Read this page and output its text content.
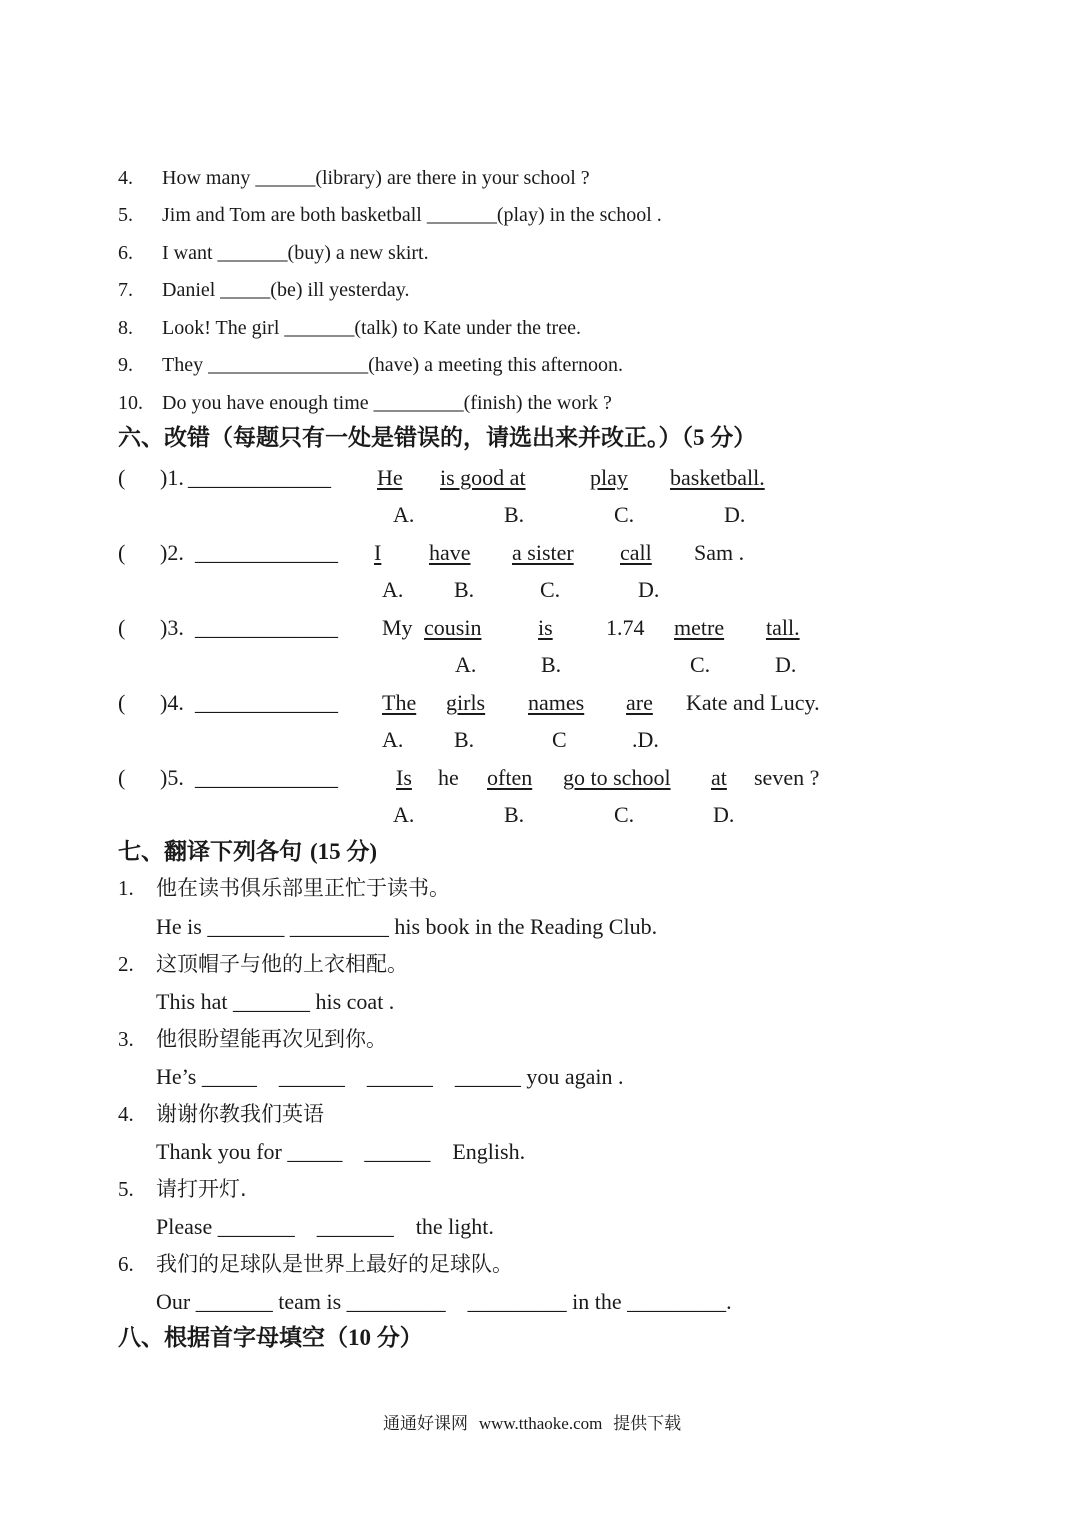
4. How many ______(library) are there in your school ?
5. Jim and Tom are both basketball _______(play) in the school .
6. I want _______(buy) a new skirt.
7. Daniel _____(be) ill yesterday.
8. Look! The girl _______(talk) to Kate under the tree.
9. They ________________(have) a meeting this afternoon.
10. Do you have enough time _________(finish) the work ?
六、改错（每题只有一处是错误的，请选出来并改正。）（5 分）
( )1. _____________ He is good at	play basketball.
A.	B.	C.	D.
( )2. _____________ I have a sister call Sam .
A. B.	C.	D.
( )3. _____________ My cousin	is 1.74 metre tall.
A.	B.	C.	D.
( )4. _____________ The girls names are Kate and Lucy.
A. B.	C	.D.
( )5. _____________	Is he often go to school at seven ?
A.	B.	C.	D.
七、翻译下列各句 (15 分)
1. 他在读书俱乐部里正忙于读书。
He is _______ _________ his book in the Reading Club.
2. 这顶帽子与他的上衣相配。
This hat _______ his coat .
3. 他很盼望能再次见到你。
He’s _____    ______    ______    ______ you again .
4. 谢谢你教我们英语
Thank you for _____    ______    English.
5. 请打开灯.
Please _______    _______    the light.
6. 我们的足球队是世界上最好的足球队。
Our _______ team is _________    _________ in the _________.
八、根据首字母填空（10 分）
通通好课网 www.tthaoke.com 提供下载
